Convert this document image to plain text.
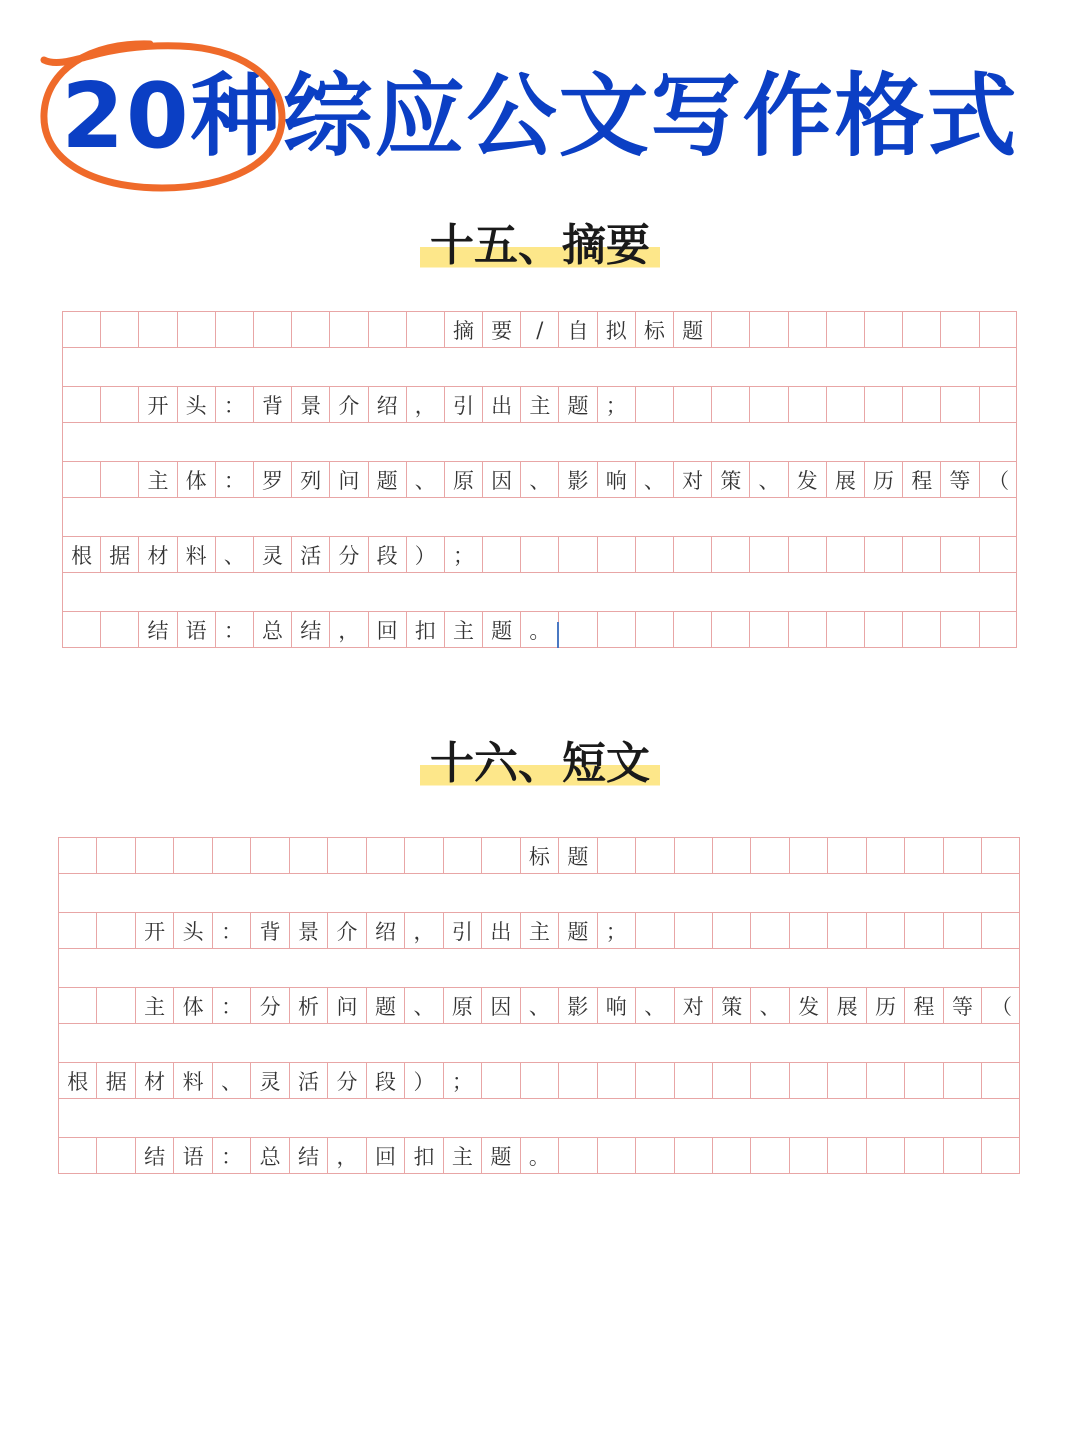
20种综应公文写作格式
十五、摘要
摘 要	/	自 拟 标 题
开 头 ： 背 景 介 绍 ， 引 出 主 题 ；
主 体 ： 罗 列 问 题 、 原 因 、 影 响 、 对 策 、 发 展 历 程 等 （
根 据 材 料 、 灵 活 分 段 ） ；
结 语 ： 总 结 ， 回 扣 主 题 。
十六、短文
标 题
开 头 ： 背 景 介 绍 ， 引 出 主 题 ；
主 体 ： 分 析 问 题 、 原 因 、 影 响 、 对 策 、 发 展 历 程 等 （
根 据 材 料 、 灵 活 分 段 ） ；
结 语 ： 总 结 ， 回 扣 主 题 。
